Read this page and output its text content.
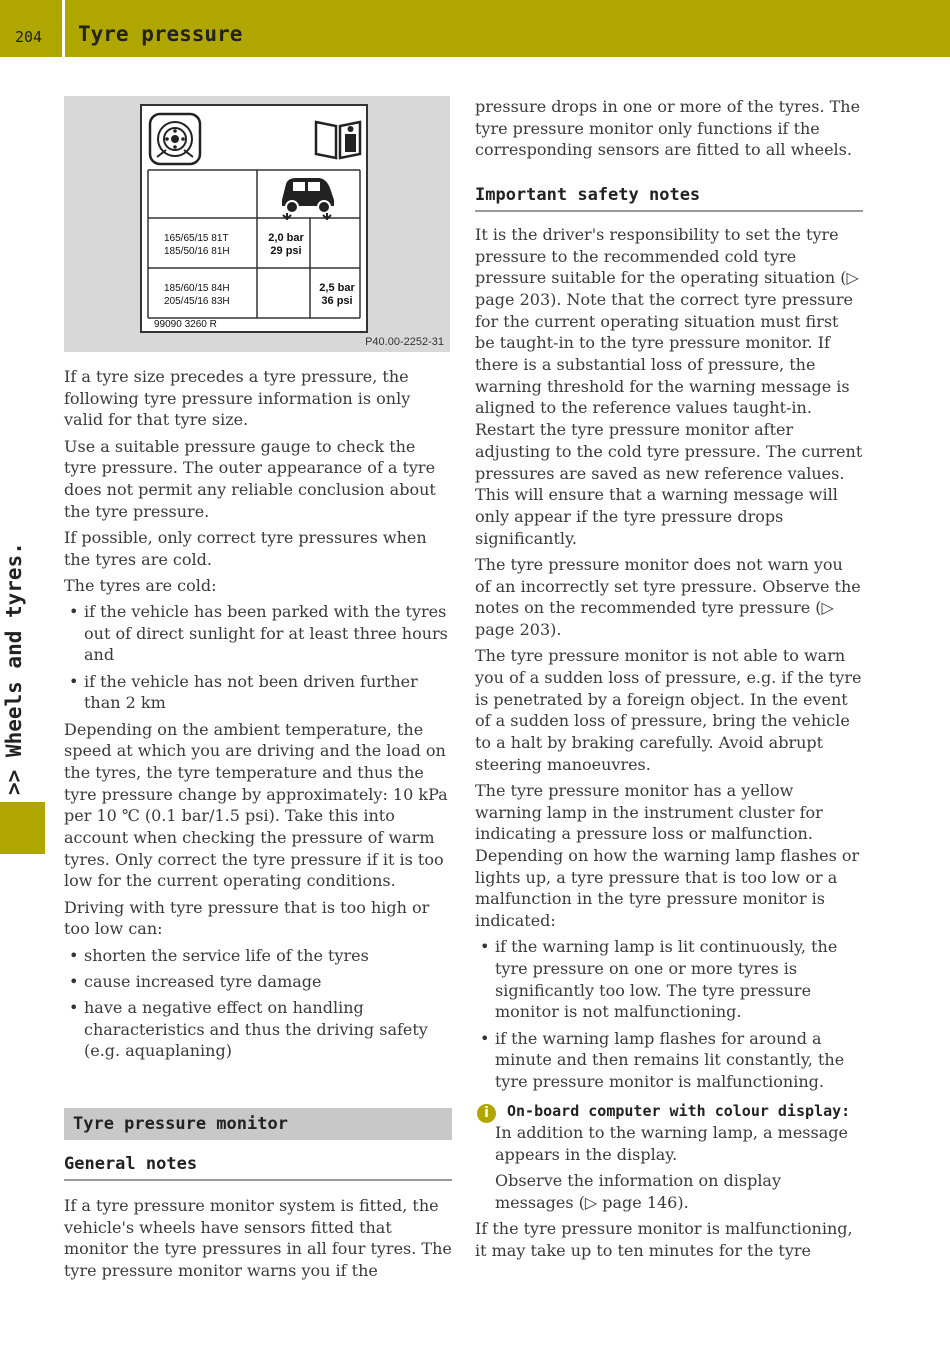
204 Tyre pressure
>> Wheels and tyres.
165/65/15 81T
185/50/16 81H
2,0 bar
29 psi
185/60/15 84H
205/45/16 83H
2,5 bar
36 psi
99090 3260 R
P40.00-2252-31

If a tyre size precedes a tyre pressure, the following tyre pressure information is only valid for that tyre size.

Use a suitable pressure gauge to check the tyre pressure. The outer appearance of a tyre does not permit any reliable conclusion about the tyre pressure.

If possible, only correct tyre pressures when the tyres are cold.

The tyres are cold:

• if the vehicle has been parked with the tyres out of direct sunlight for at least three hours and
• if the vehicle has not been driven further than 2 km

Depending on the ambient temperature, the speed at which you are driving and the load on the tyres, the tyre temperature and thus the tyre pressure change by approximately: 10 kPa per 10 ℃ (0.1 bar/1.5 psi). Take this into account when checking the pressure of warm tyres. Only correct the tyre pressure if it is too low for the current operating conditions.

Driving with tyre pressure that is too high or too low can:

• shorten the service life of the tyres
• cause increased tyre damage
• have a negative effect on handling characteristics and thus the driving safety (e.g. aquaplaning)
Tyre pressure monitor
General notes

If a tyre pressure monitor system is fitted, the vehicle's wheels have sensors fitted that monitor the tyre pressures in all four tyres. The tyre pressure monitor warns you if the

pressure drops in one or more of the tyres. The tyre pressure monitor only functions if the corresponding sensors are fitted to all wheels.

Important safety notes

It is the driver's responsibility to set the tyre pressure to the recommended cold tyre pressure suitable for the operating situation (▷ page 203). Note that the correct tyre pressure for the current operating situation must first be taught-in to the tyre pressure monitor. If there is a substantial loss of pressure, the warning threshold for the warning message is aligned to the reference values taught-in. Restart the tyre pressure monitor after adjusting to the cold tyre pressure. The current pressures are saved as new reference values. This will ensure that a warning message will only appear if the tyre pressure drops significantly.

The tyre pressure monitor does not warn you of an incorrectly set tyre pressure. Observe the notes on the recommended tyre pressure (▷ page 203).

The tyre pressure monitor is not able to warn you of a sudden loss of pressure, e.g. if the tyre is penetrated by a foreign object. In the event of a sudden loss of pressure, bring the vehicle to a halt by braking carefully. Avoid abrupt steering manoeuvres.

The tyre pressure monitor has a yellow warning lamp in the instrument cluster for indicating a pressure loss or malfunction. Depending on how the warning lamp flashes or lights up, a tyre pressure that is too low or a malfunction in the tyre pressure monitor is indicated:

• if the warning lamp is lit continuously, the tyre pressure on one or more tyres is significantly too low. The tyre pressure monitor is not malfunctioning.
• if the warning lamp flashes for around a minute and then remains lit constantly, the tyre pressure monitor is malfunctioning.
i	On-board computer with colour display:

In addition to the warning lamp, a message appears in the display.

Observe the information on display messages (▷ page 146).

If the tyre pressure monitor is malfunctioning, it may take up to ten minutes for the tyre
